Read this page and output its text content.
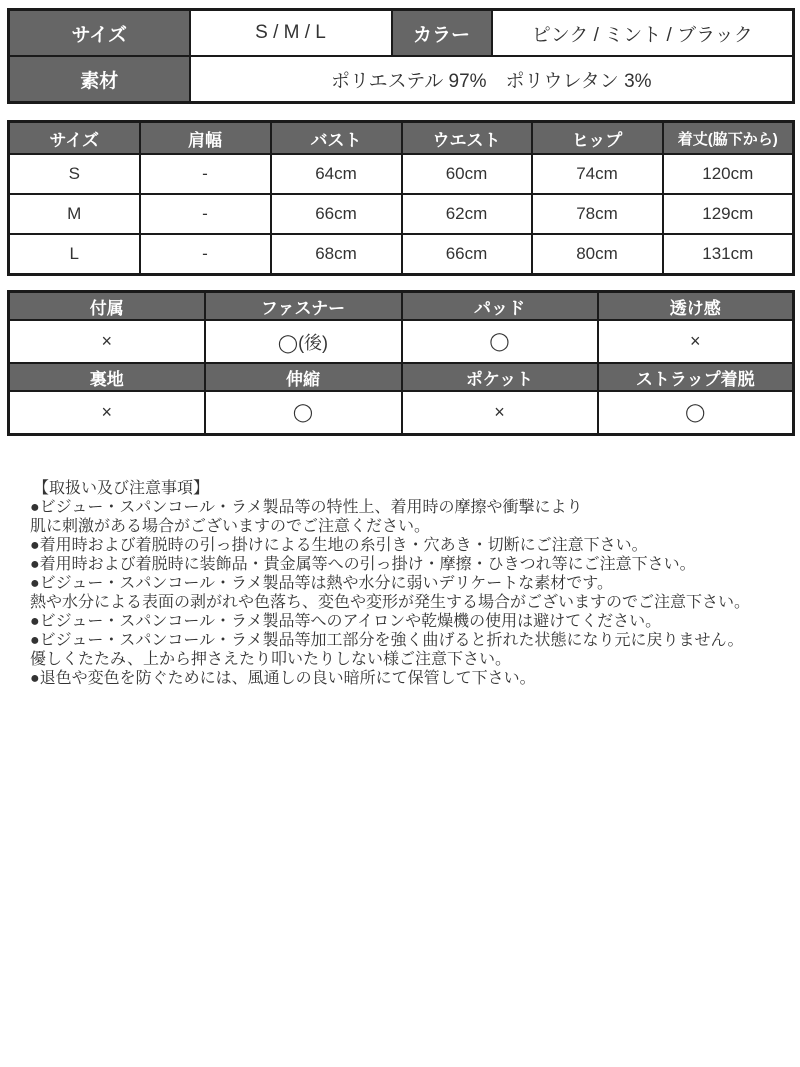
サイズ	S / M / L	カラー	ピンク / ミント / ブラック
素材	ポリエステル 97%　ポリウレタン 3%		
サイズ	肩幅	バスト	ウエスト	ヒップ	着丈(脇下から)
S	-	64cm	60cm	74cm	120cm
M	-	66cm	62cm	78cm	129cm
L	-	68cm	66cm	80cm	131cm
付属	ファスナー	パッド	透け感
×	◯(後)	◯	×
裏地	伸縮	ポケット	ストラップ着脱
×	◯	×	◯
【取扱い及び注意事項】
●ビジュー・スパンコール・ラメ製品等の特性上、着用時の摩擦や衝撃により
肌に刺激がある場合がございますのでご注意ください。
●着用時および着脱時の引っ掛けによる生地の糸引き・穴あき・切断にご注意下さい。
●着用時および着脱時に装飾品・貴金属等への引っ掛け・摩擦・ひきつれ等にご注意下さい。
●ビジュー・スパンコール・ラメ製品等は熱や水分に弱いデリケートな素材です。
熱や水分による表面の剥がれや色落ち、変色や変形が発生する場合がございますのでご注意下さい。
●ビジュー・スパンコール・ラメ製品等へのアイロンや乾燥機の使用は避けてください。
●ビジュー・スパンコール・ラメ製品等加工部分を強く曲げると折れた状態になり元に戻りません。
優しくたたみ、上から押さえたり叩いたりしない様ご注意下さい。
●退色や変色を防ぐためには、風通しの良い暗所にて保管して下さい。
